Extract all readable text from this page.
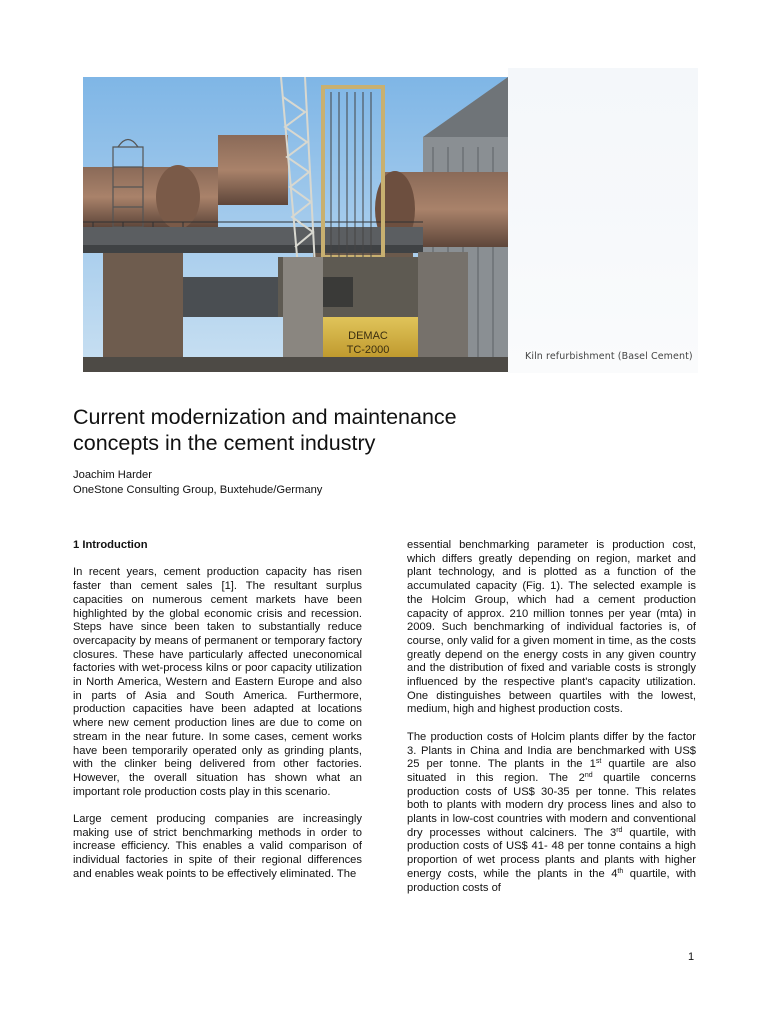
DEMAC
TC-2000
Kiln refurbishment (Basel Cement)
Current modernization and maintenance concepts in the cement industry
Joachim Harder
OneStone Consulting Group, Buxtehude/Germany
1 Introduction

In recent years, cement production capacity has risen faster than cement sales [1]. The resultant surplus capacities on numerous cement markets have been highlighted by the global economic crisis and recession. Steps have since been taken to substantially reduce overcapacity by means of permanent or temporary factory closures. These have particularly affected uneconomical factories with wet-process kilns or poor capacity utilization in North America, Western and Eastern Europe and also in parts of Asia and South America. Furthermore, production capacities have been adapted at locations where new cement production lines are due to come on stream in the near future. In some cases, cement works have been temporarily operated only as grinding plants, with the clinker being delivered from other factories. However, the overall situation has shown what an important role production costs play in this scenario.

Large cement producing companies are increasingly making use of strict benchmarking methods in order to increase efficiency. This enables a valid comparison of individual factories in spite of their regional differences and enables weak points to be effectively eliminated. The

essential benchmarking parameter is production cost, which differs greatly depending on region, market and plant technology, and is plotted as a function of the accumulated capacity (Fig. 1). The selected example is the Holcim Group, which had a cement production capacity of approx. 210 million tonnes per year (mta) in 2009. Such benchmarking of individual factories is, of course, only valid for a given moment in time, as the costs greatly depend on the energy costs in any given country and the distribution of fixed and variable costs is strongly influenced by the respective plant's capacity utilization. One distinguishes between quartiles with the lowest, medium, high and highest production costs.

The production costs of Holcim plants differ by the factor 3. Plants in China and India are benchmarked with US$ 25 per tonne. The plants in the 1st quartile are also situated in this region. The 2nd quartile concerns production costs of US$ 30-35 per tonne. This relates both to plants with modern dry process lines and also to plants in low-cost countries with modern and conventional dry processes without calciners. The 3rd quartile, with production costs of US$ 41- 48 per tonne contains a high proportion of wet process plants and plants with higher energy costs, while the plants in the 4th quartile, with production costs of

1
